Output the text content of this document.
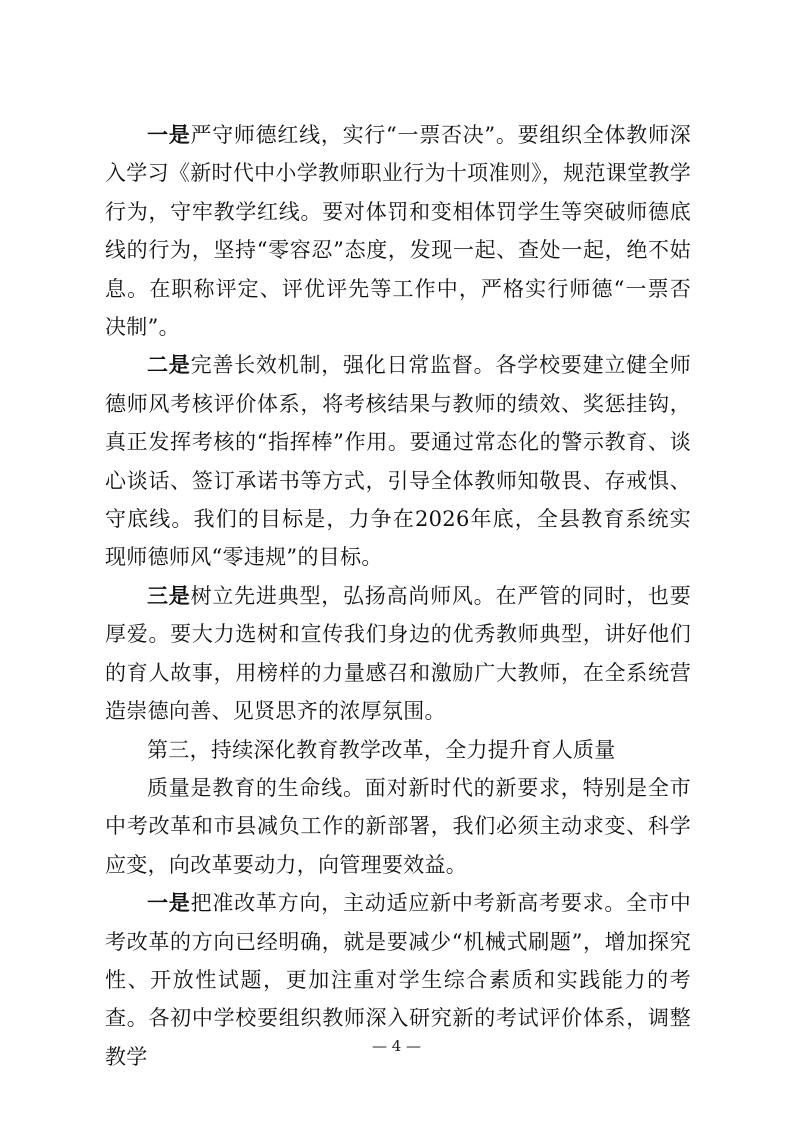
一是严守师德红线，实行“一票否决”。要组织全体教师深入学习《新时代中小学教师职业行为十项准则》，规范课堂教学行为，守牢教学红线。要对体罚和变相体罚学生等突破师德底线的行为，坚持“零容忍”态度，发现一起、查处一起，绝不姑息。在职称评定、评优评先等工作中，严格实行师德“一票否决制”。

二是完善长效机制，强化日常监督。各学校要建立健全师德师风考核评价体系，将考核结果与教师的绩效、奖惩挂钩，真正发挥考核的“指挥棒”作用。要通过常态化的警示教育、谈心谈话、签订承诺书等方式，引导全体教师知敬畏、存戒惧、守底线。我们的目标是，力争在2026年底，全县教育系统实现师德师风“零违规”的目标。

三是树立先进典型，弘扬高尚师风。在严管的同时，也要厚爱。要大力选树和宣传我们身边的优秀教师典型，讲好他们的育人故事，用榜样的力量感召和激励广大教师，在全系统营造崇德向善、见贤思齐的浓厚氛围。

第三，持续深化教育教学改革，全力提升育人质量

质量是教育的生命线。面对新时代的新要求，特别是全市中考改革和市县减负工作的新部署，我们必须主动求变、科学应变，向改革要动力，向管理要效益。

一是把准改革方向，主动适应新中考新高考要求。全市中考改革的方向已经明确，就是要减少“机械式刷题”，增加探究性、开放性试题，更加注重对学生综合素质和实践能力的考查。各初中学校要组织教师深入研究新的考试评价体系，调整教学	— 4 —
